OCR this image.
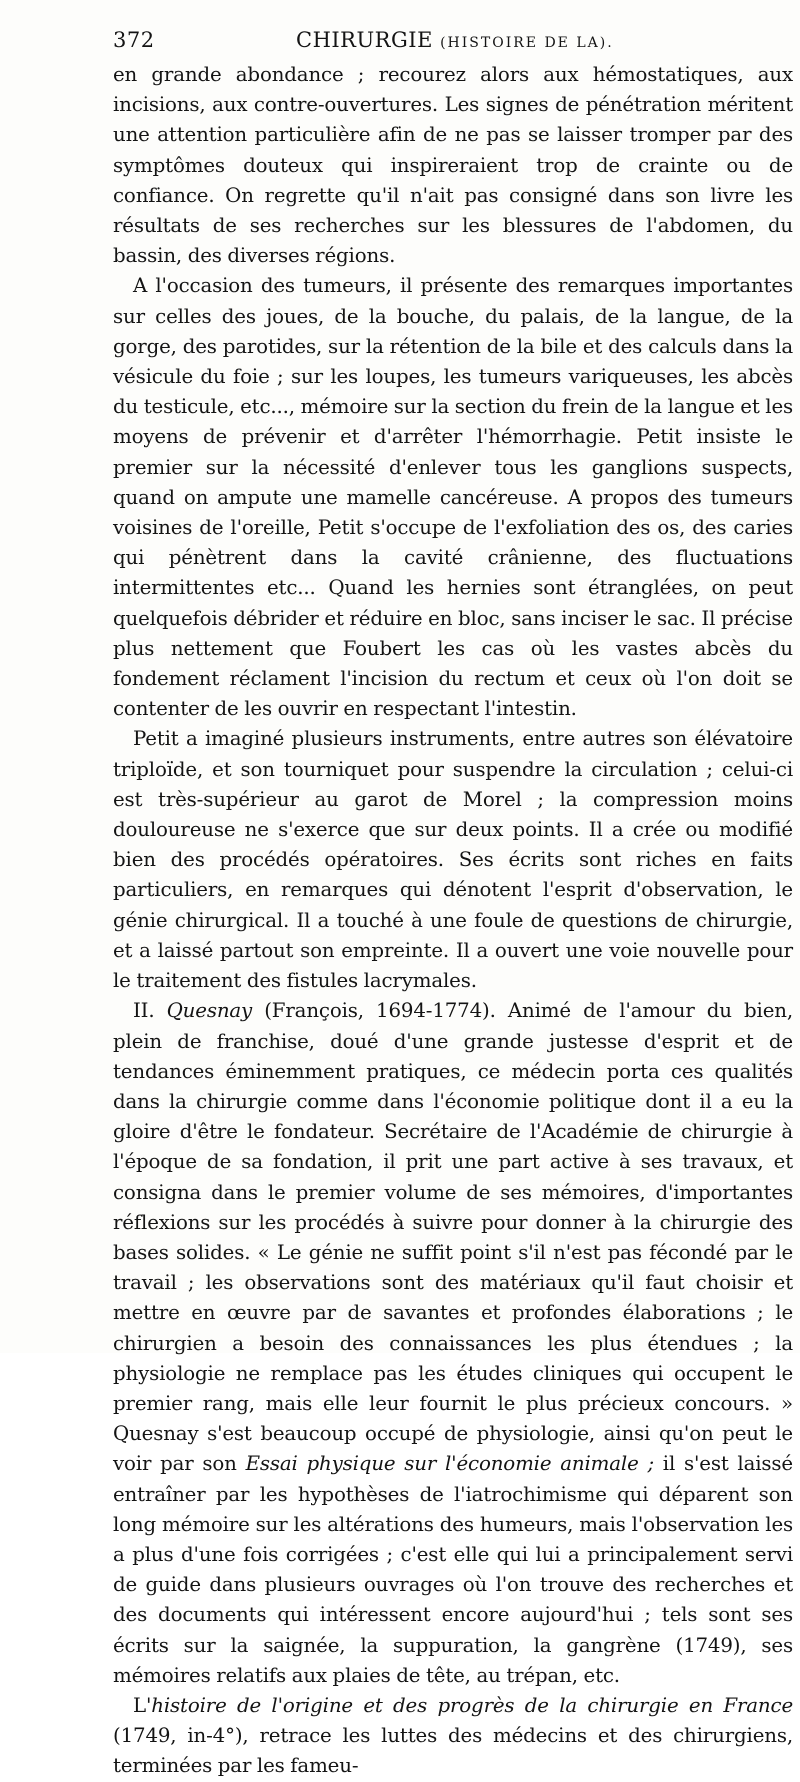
372	CHIRURGIE (HISTOIRE DE LA).

en grande abondance ; recourez alors aux hémostatiques, aux incisions, aux contre-ouvertures. Les signes de pénétration méritent une attention particulière afin de ne pas se laisser tromper par des symptômes douteux qui inspireraient trop de crainte ou de confiance. On regrette qu'il n'ait pas consigné dans son livre les résultats de ses recherches sur les blessures de l'abdomen, du bassin, des diverses régions.

A l'occasion des tumeurs, il présente des remarques importantes sur celles des joues, de la bouche, du palais, de la langue, de la gorge, des parotides, sur la rétention de la bile et des calculs dans la vésicule du foie ; sur les loupes, les tumeurs variqueuses, les abcès du testicule, etc..., mémoire sur la section du frein de la langue et les moyens de prévenir et d'arrêter l'hémorrhagie. Petit insiste le premier sur la nécessité d'enlever tous les ganglions suspects, quand on ampute une mamelle cancéreuse. A propos des tumeurs voisines de l'oreille, Petit s'occupe de l'exfoliation des os, des caries qui pénètrent dans la cavité crânienne, des fluctuations intermittentes etc... Quand les hernies sont étranglées, on peut quelquefois débrider et réduire en bloc, sans inciser le sac. Il précise plus nettement que Foubert les cas où les vastes abcès du fondement réclament l'incision du rectum et ceux où l'on doit se contenter de les ouvrir en respectant l'intestin.

Petit a imaginé plusieurs instruments, entre autres son élévatoire triploïde, et son tourniquet pour suspendre la circulation ; celui-ci est très-supérieur au garot de Morel ; la compression moins douloureuse ne s'exerce que sur deux points. Il a crée ou modifié bien des procédés opératoires. Ses écrits sont riches en faits particuliers, en remarques qui dénotent l'esprit d'observation, le génie chirurgical. Il a touché à une foule de questions de chirurgie, et a laissé partout son empreinte. Il a ouvert une voie nouvelle pour le traitement des fistules lacrymales.

II. Quesnay (François, 1694-1774). Animé de l'amour du bien, plein de franchise, doué d'une grande justesse d'esprit et de tendances éminemment pratiques, ce médecin porta ces qualités dans la chirurgie comme dans l'économie politique dont il a eu la gloire d'être le fondateur. Secrétaire de l'Académie de chirurgie à l'époque de sa fondation, il prit une part active à ses travaux, et consigna dans le premier volume de ses mémoires, d'importantes réflexions sur les procédés à suivre pour donner à la chirurgie des bases solides. « Le génie ne suffit point s'il n'est pas fécondé par le travail ; les observations sont des matériaux qu'il faut choisir et mettre en œuvre par de savantes et profondes élaborations ; le chirurgien a besoin des connaissances les plus étendues ; la physiologie ne remplace pas les études cliniques qui occupent le premier rang, mais elle leur fournit le plus précieux concours. » Quesnay s'est beaucoup occupé de physiologie, ainsi qu'on peut le voir par son Essai physique sur l'économie animale ; il s'est laissé entraîner par les hypothèses de l'iatrochimisme qui déparent son long mémoire sur les altérations des humeurs, mais l'observation les a plus d'une fois corrigées ; c'est elle qui lui a principalement servi de guide dans plusieurs ouvrages où l'on trouve des recherches et des documents qui intéressent encore aujourd'hui ; tels sont ses écrits sur la saignée, la suppuration, la gangrène (1749), ses mémoires relatifs aux plaies de tête, au trépan, etc.

L'histoire de l'origine et des progrès de la chirurgie en France (1749, in-4°), retrace les luttes des médecins et des chirurgiens, terminées par les fameu-
